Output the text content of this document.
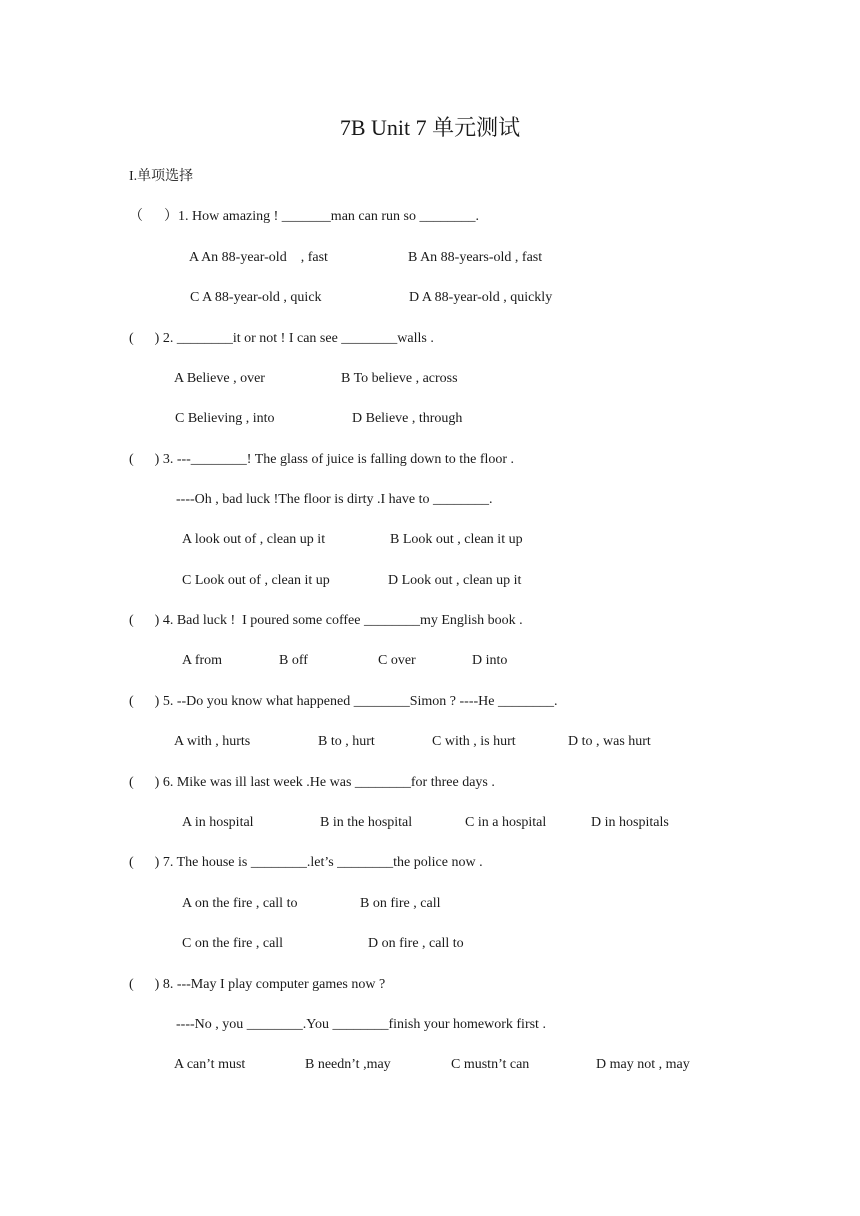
7B Unit 7 单元测试
I.单项选择
（      ）1. How amazing ! _______man can run so ________.
A An 88-year-old    , fast	B An 88-years-old , fast
C A 88-year-old , quick	D A 88-year-old , quickly
(      ) 2. ________it or not ! I can see ________walls .
A Believe , over	B To believe , across
C Believing , into	D Believe , through
(      ) 3. ---________! The glass of juice is falling down to the floor .
----Oh , bad luck !The floor is dirty .I have to ________.
A look out of , clean up it	B Look out , clean it up
C Look out of , clean it up	D Look out , clean up it
(      ) 4. Bad luck !  I poured some coffee ________my English book .
A from	B off	C over	D into
(      ) 5. --Do you know what happened ________Simon ? ----He ________.
A with , hurts	B to , hurt	C with , is hurt	D to , was hurt
(      ) 6. Mike was ill last week .He was ________for three days .
A in hospital	B in the hospital	C in a hospital	D in hospitals
(      ) 7. The house is ________.let’s ________the police now .
A on the fire , call to	B on fire , call
C on the fire , call	D on fire , call to
(      ) 8. ---May I play computer games now ?
----No , you ________.You ________finish your homework first .
A can’t must	B needn’t ,may	C mustn’t can	D may not , may
